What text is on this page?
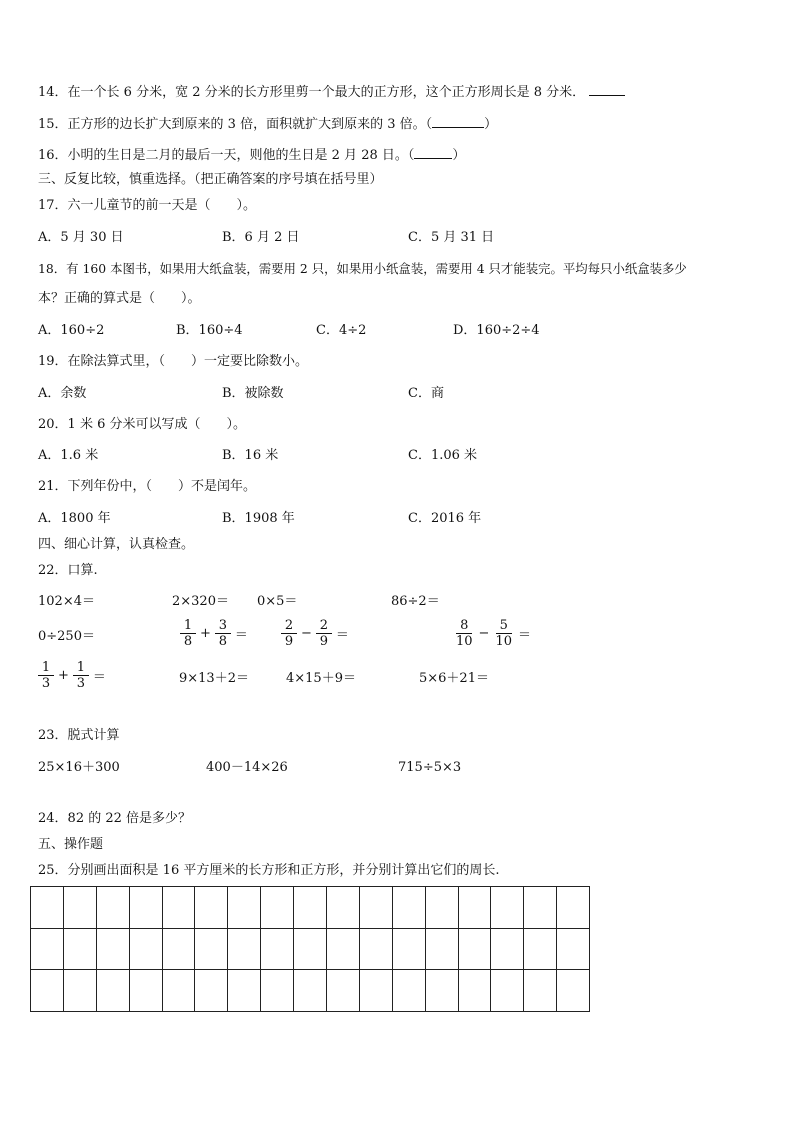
14．在一个长 6 分米，宽 2 分米的长方形里剪一个最大的正方形，这个正方形周长是 8 分米．
15．正方形的边长扩大到原来的 3 倍，面积就扩大到原来的 3 倍。（	）
16．小明的生日是二月的最后一天，则他的生日是 2 月 28 日。（	）
三、反复比较，慎重选择。（把正确答案的序号填在括号里）
17．六一儿童节的前一天是（　　）。
A．5 月 30 日	B．6 月 2 日	C．5 月 31 日
18．有 160 本图书，如果用大纸盒装，需要用 2 只，如果用小纸盒装，需要用 4 只才能装完。平均每只小纸盒装多少
本？正确的算式是（　　）。
A．160÷2	B．160÷4	C．4÷2	D．160÷2÷4
19．在除法算式里，（　　）一定要比除数小。
A．余数	B．被除数	C．商
20．1 米 6 分米可以写成（　　）。
A．1.6 米	B．16 米	C．1.06 米
21．下列年份中，（　　）不是闰年。
A．1800 年	B．1908 年	C．2016 年
四、细心计算，认真检查。
22．口算.
102×4＝	2×320＝ 0×5＝	86÷2＝
0÷250＝	$\frac{1}{8} + \frac{3}{8}$ ＝	$\frac{2}{9} - \frac{2}{9}$ ＝	$\frac{8}{10} - \frac{5}{10}$ ＝
$\frac{1}{3} + \frac{1}{3}$ ＝	9×13＋2＝	4×15＋9＝	5×6＋21＝
23．脱式计算
25×16＋300	400－14×26	715÷5×3
24．82 的 22 倍是多少？
五、操作题
25．分别画出面积是 16 平方厘米的长方形和正方形，并分别计算出它们的周长.
